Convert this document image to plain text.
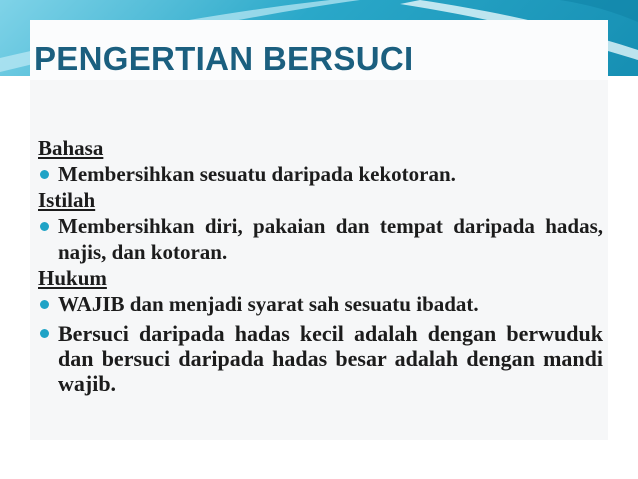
PENGERTIAN BERSUCI

Bahasa

Membersihkan sesuatu daripada kekotoran.

Istilah

Membersihkan diri, pakaian dan tempat daripada hadas, najis, dan kotoran.

Hukum

WAJIB dan menjadi syarat sah sesuatu ibadat.

Bersuci daripada hadas kecil adalah dengan berwuduk dan bersuci daripada hadas besar adalah dengan mandi wajib.
